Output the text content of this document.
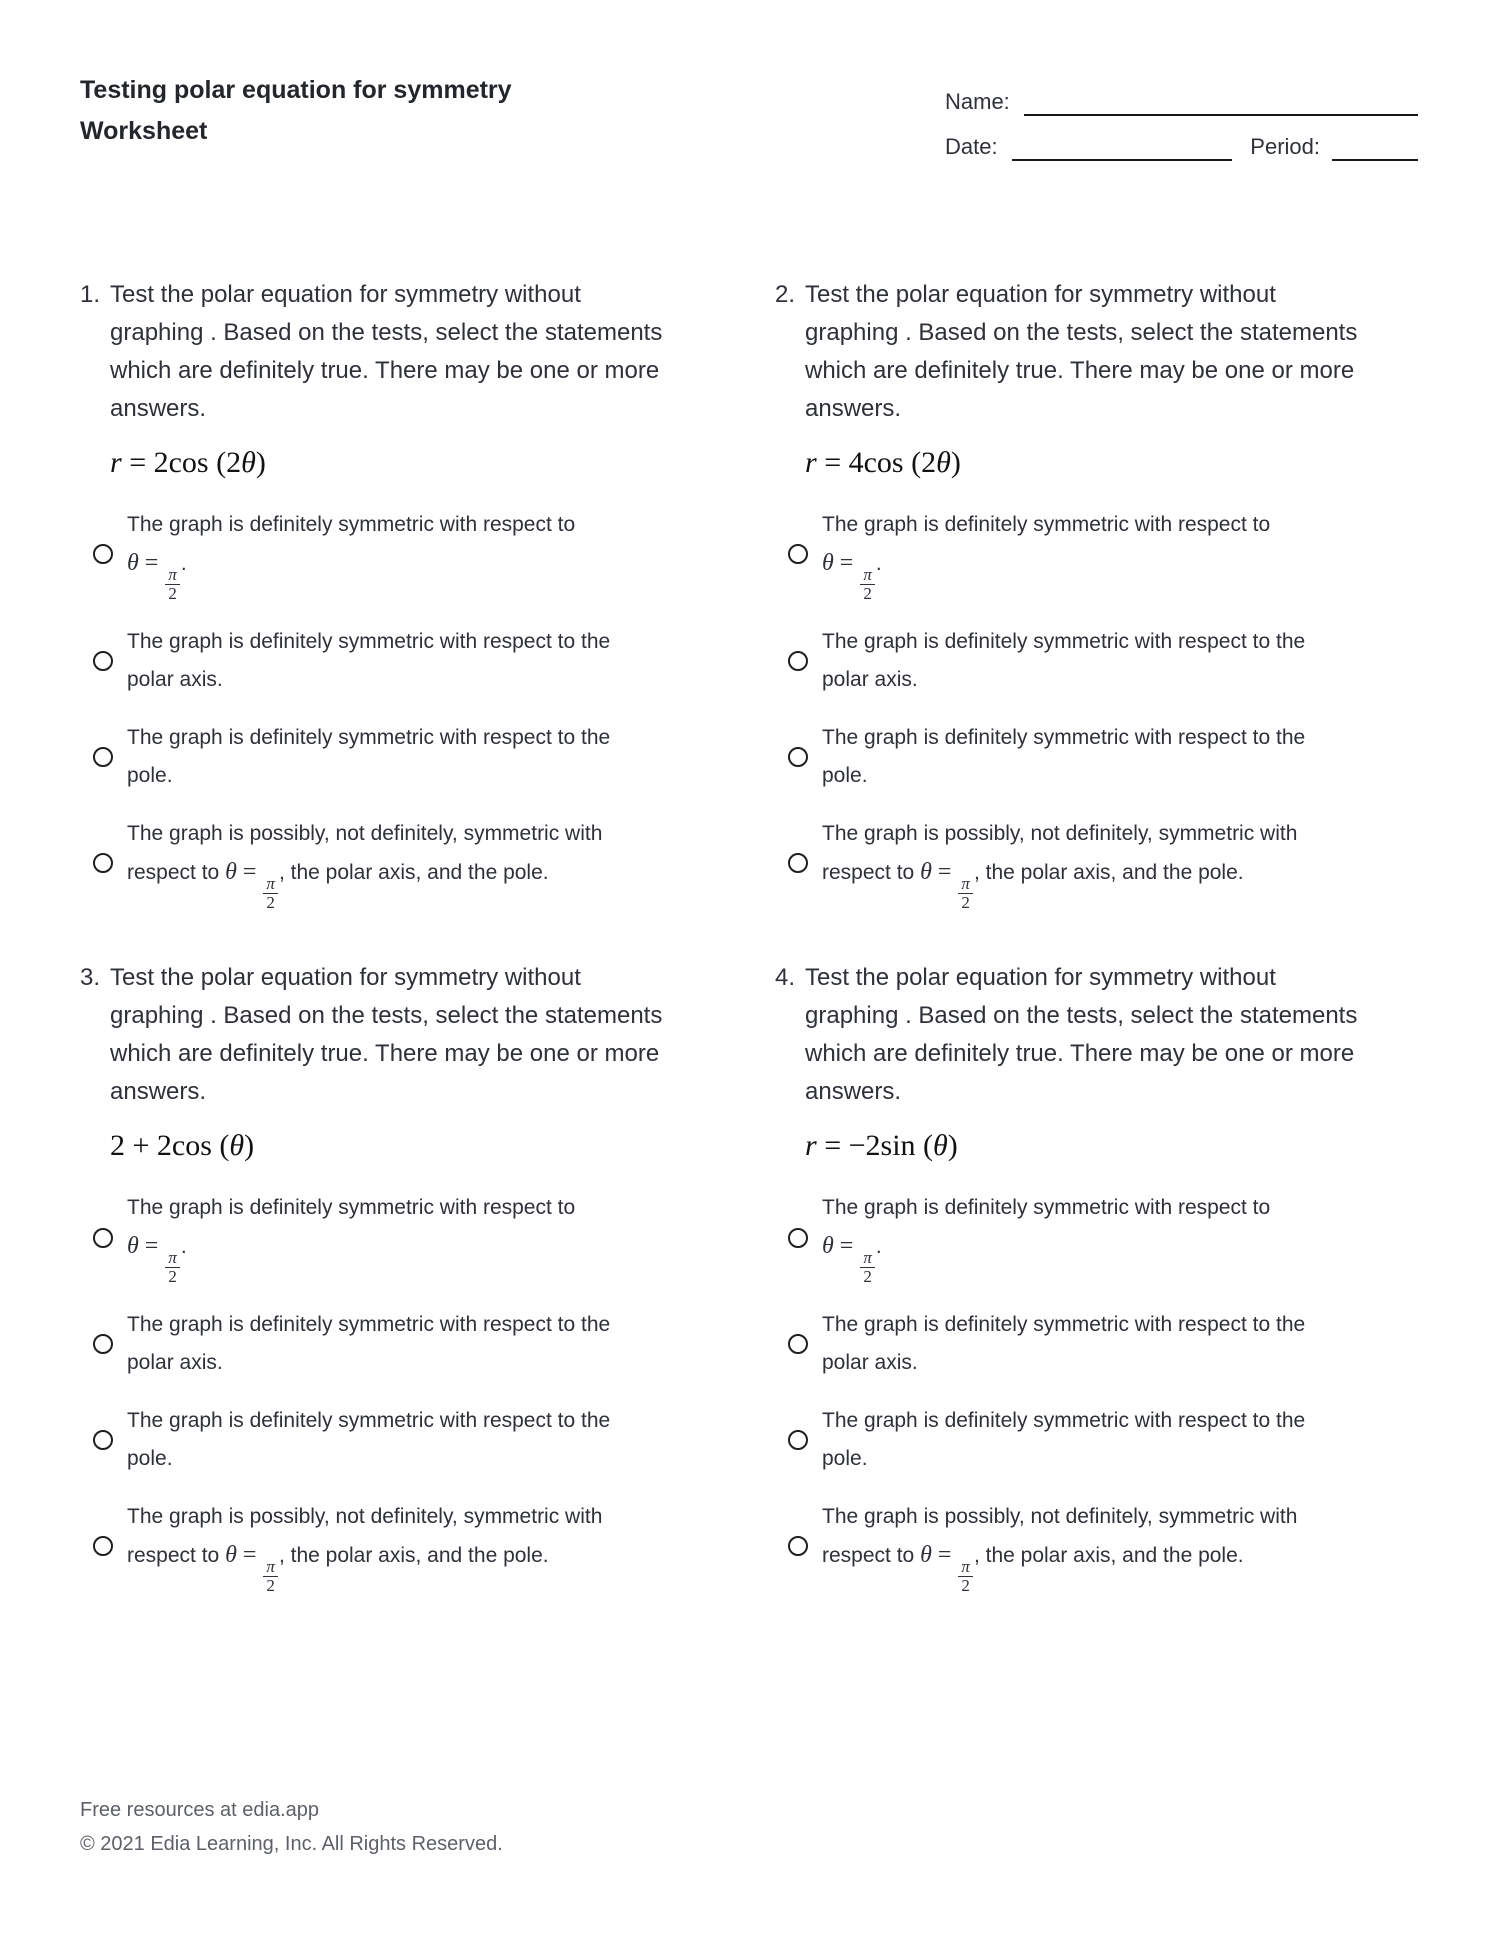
Testing polar equation for symmetry
Worksheet
Name:
Date:	Period:
1. Test the polar equation for symmetry without graphing . Based on the tests, select the statements which are definitely true. There may be one or more answers.
r = 2cos (2 θ )
The graph is definitely symmetric with respect to θ =
$\frac{\pi}{2}$
.
The graph is definitely symmetric with respect to the polar axis.
The graph is definitely symmetric with respect to the pole.
The graph is possibly, not definitely, symmetric with respect to θ =
$\frac{\pi}{2}$
, the polar axis, and the pole.
2. Test the polar equation for symmetry without graphing . Based on the tests, select the statements which are definitely true. There may be one or more answers.
r = 4cos (2 θ )
The graph is definitely symmetric with respect to θ =
$\frac{\pi}{2}$
.
The graph is definitely symmetric with respect to the polar axis.
The graph is definitely symmetric with respect to the pole.
The graph is possibly, not definitely, symmetric with respect to θ =
$\frac{\pi}{2}$
, the polar axis, and the pole.
3. Test the polar equation for symmetry without graphing . Based on the tests, select the statements which are definitely true. There may be one or more answers.
2 + 2cos ( θ )
The graph is definitely symmetric with respect to θ =
$\frac{\pi}{2}$
.
The graph is definitely symmetric with respect to the polar axis.
The graph is definitely symmetric with respect to the pole.
The graph is possibly, not definitely, symmetric with respect to θ =
$\frac{\pi}{2}$
, the polar axis, and the pole.
4. Test the polar equation for symmetry without graphing . Based on the tests, select the statements which are definitely true. There may be one or more answers.
r = −2sin ( θ )
The graph is definitely symmetric with respect to θ =
$\frac{\pi}{2}$
.
The graph is definitely symmetric with respect to the polar axis.
The graph is definitely symmetric with respect to the pole.
The graph is possibly, not definitely, symmetric with respect to θ =
$\frac{\pi}{2}$
, the polar axis, and the pole.
Free resources at edia.app
© 2021 Edia Learning, Inc. All Rights Reserved.
